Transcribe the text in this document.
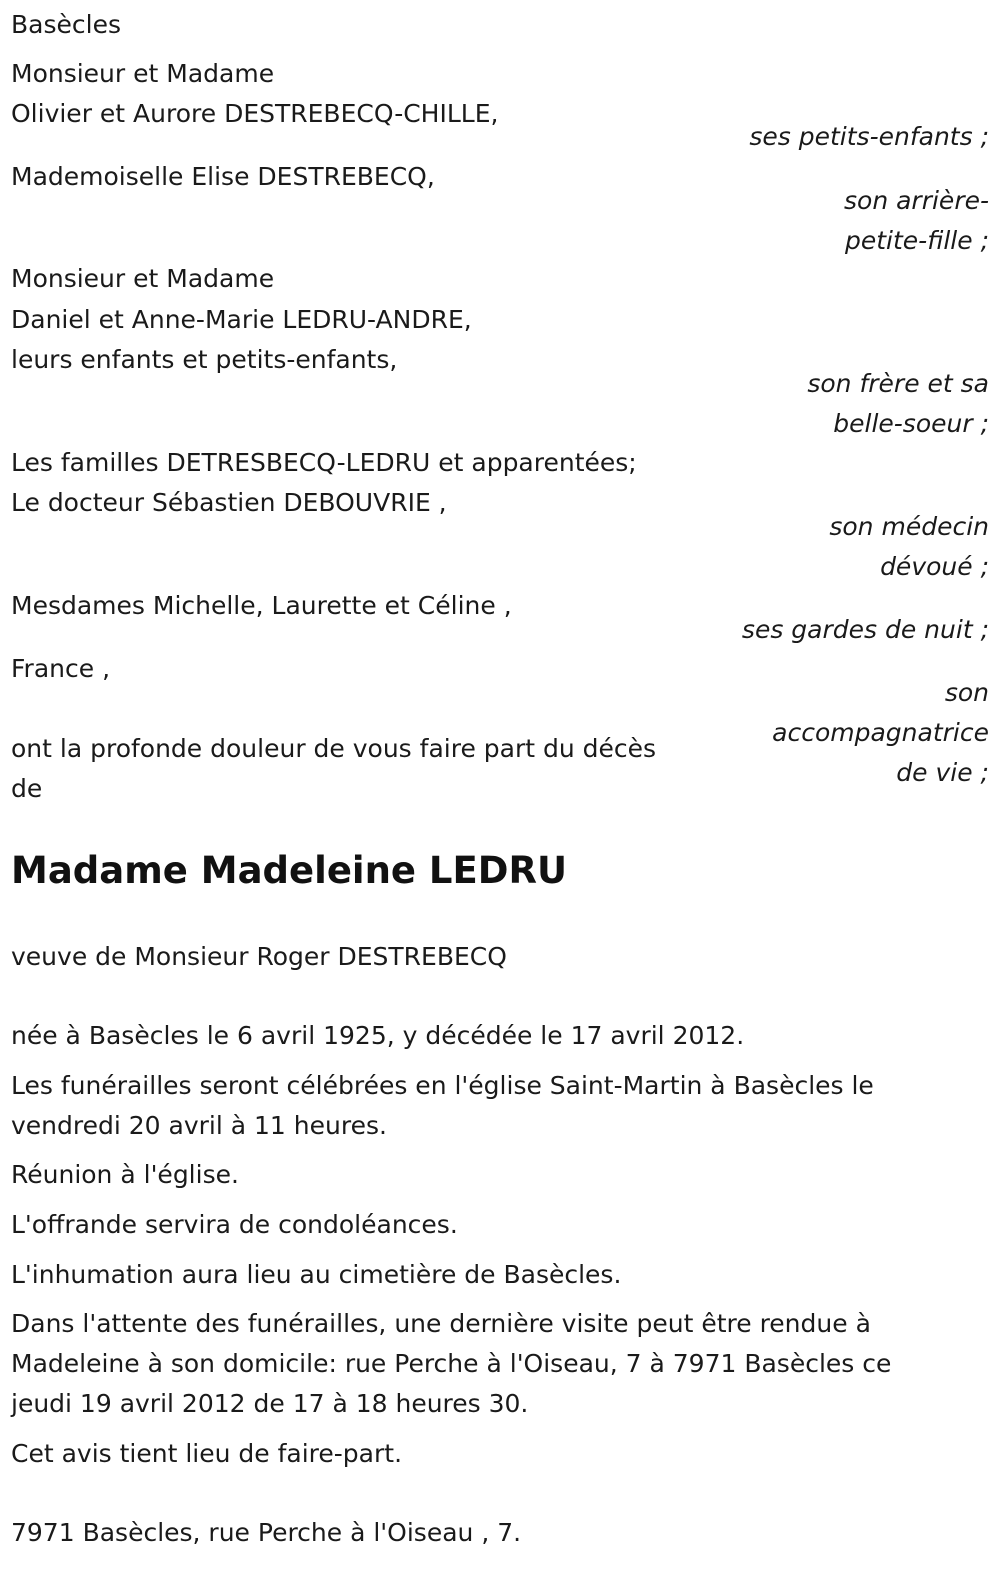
Basècles
Monsieur et Madame
Olivier et Aurore DESTREBECQ-CHILLE,
ses petits-enfants ;
Mademoiselle Elise DESTREBECQ,
son arrière-
petite-fille ;
Monsieur et Madame
Daniel et Anne-Marie LEDRU-ANDRE,
leurs enfants et petits-enfants,
son frère et sa
belle-soeur ;
Les familles DETRESBECQ-LEDRU et apparentées;
Le docteur Sébastien DEBOUVRIE ,
son médecin
dévoué ;
Mesdames Michelle, Laurette et Céline ,
ses gardes de nuit ;
France ,
son
accompagnatrice
de vie ;
ont la profonde douleur de vous faire part du décès
de
Madame Madeleine LEDRU
veuve de Monsieur Roger DESTREBECQ
née à Basècles le 6 avril 1925, y décédée le 17 avril 2012.
Les funérailles seront célébrées en l'église Saint-Martin à Basècles le
vendredi 20 avril à 11 heures.
Réunion à l'église.
L'offrande servira de condoléances.
L'inhumation aura lieu au cimetière de Basècles.
Dans l'attente des funérailles, une dernière visite peut être rendue à
Madeleine à son domicile: rue Perche à l'Oiseau, 7 à 7971 Basècles ce
jeudi 19 avril 2012 de 17 à 18 heures 30.
Cet avis tient lieu de faire-part.
7971 Basècles, rue Perche à l'Oiseau , 7.
